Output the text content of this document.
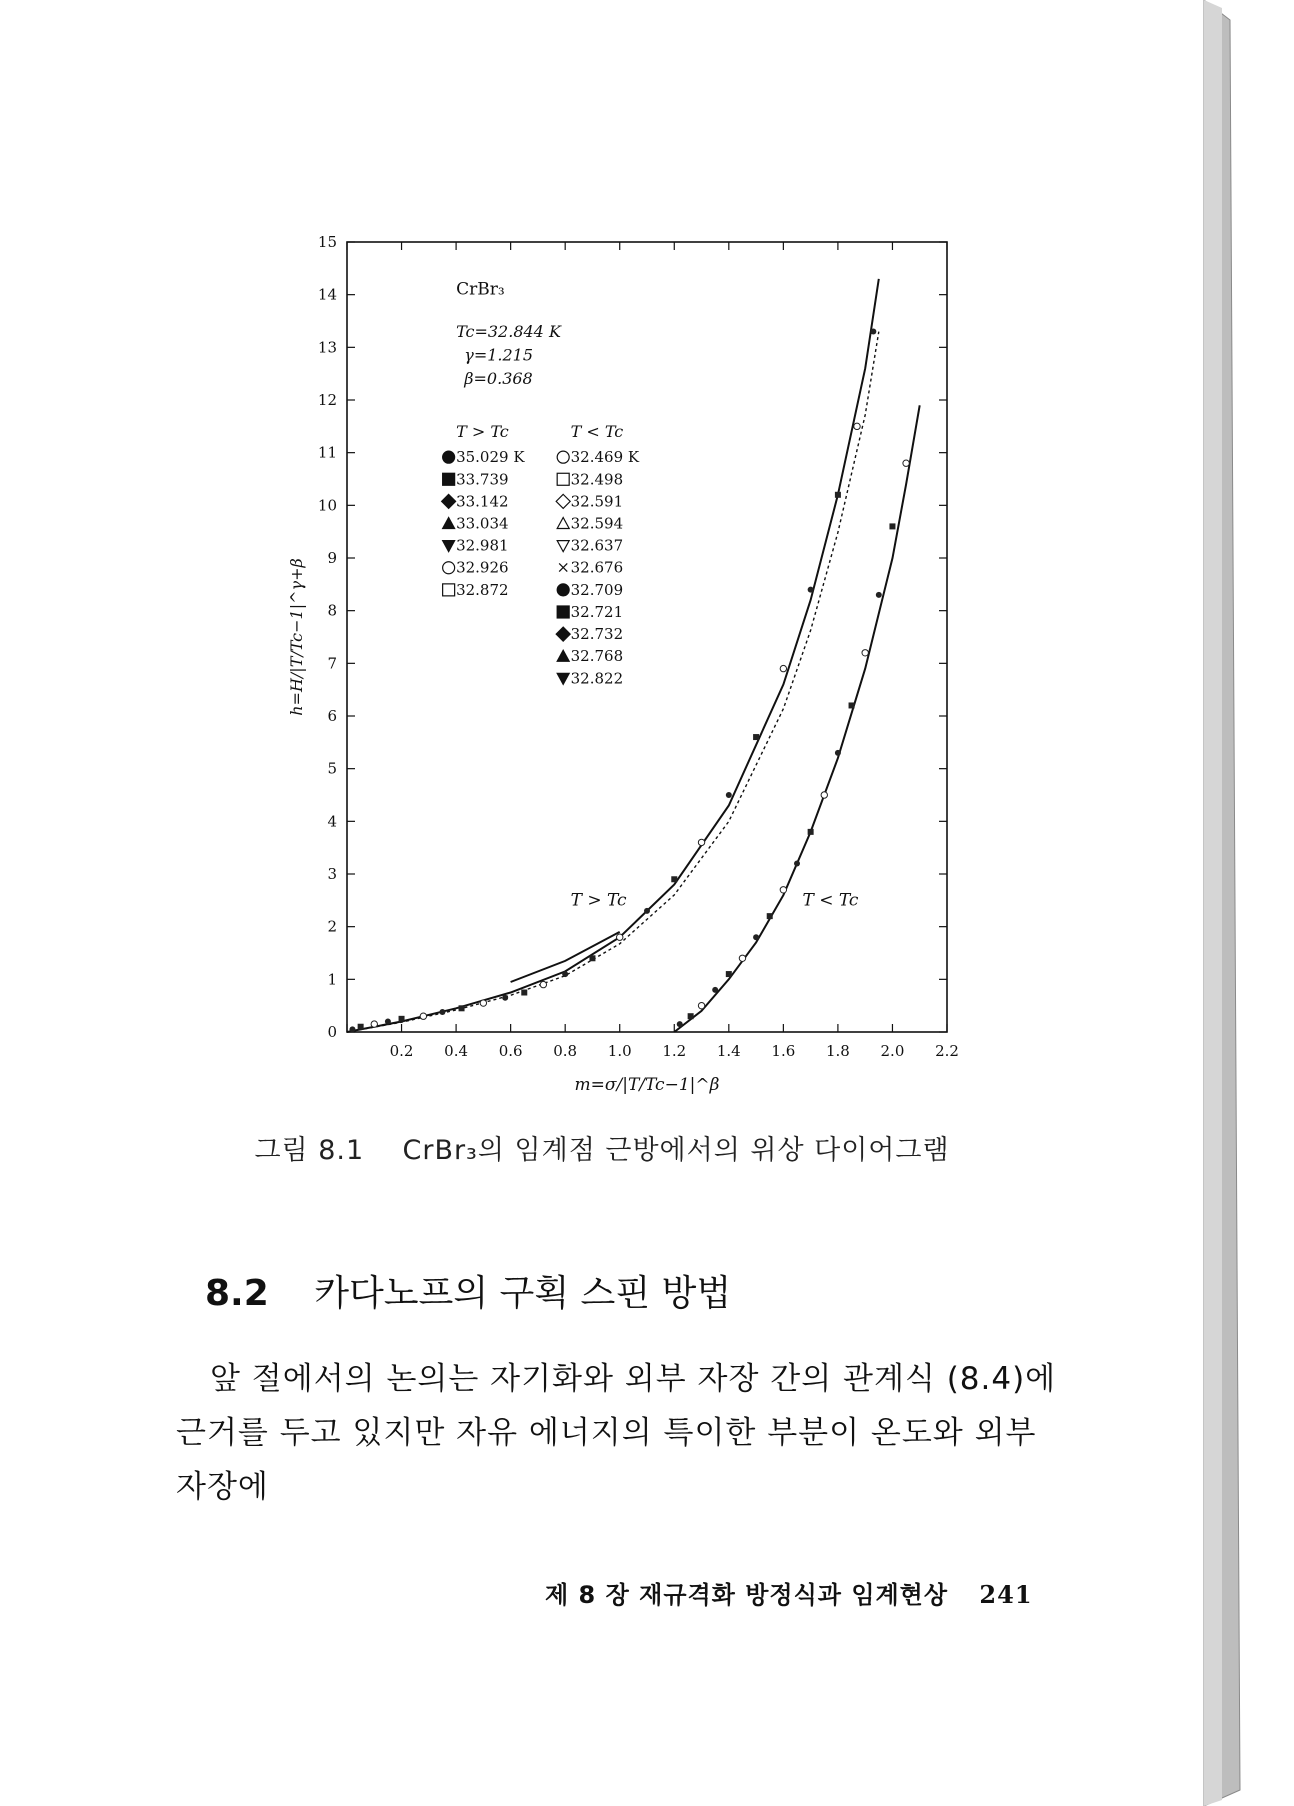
0.2 0.4 0.6 0.8 1.0 1.2 1.4 1.6 1.8 2.0 2.2
0
1
2
3
4
5
6
7
8
9
10
11
12
13
14
15
m=σ/|T/Tc−1|^β
h=H/|T/Tc−1|^γ+β
CrBr₃
Tc=32.844 K
γ=1.215
β=0.368
T > Tc	T < Tc
35.029 K
33.739
33.142
33.034
32.981
32.926
32.872
32.469 K
32.498
32.591
32.594
32.637
× 32.676
32.709
32.721
32.732
32.768
32.822
T > Tc	T < Tc
그림 8.1 CrBr₃의 임계점 근방에서의 위상 다이어그램
8.2 카다노프의 구획 스핀 방법
앞 절에서의 논의는 자기화와 외부 자장 간의 관계식 (8.4)에
근거를 두고 있지만 자유 에너지의 특이한 부분이 온도와 외부
자장에
제 8 장 재규격화 방정식과 임계현상 241
